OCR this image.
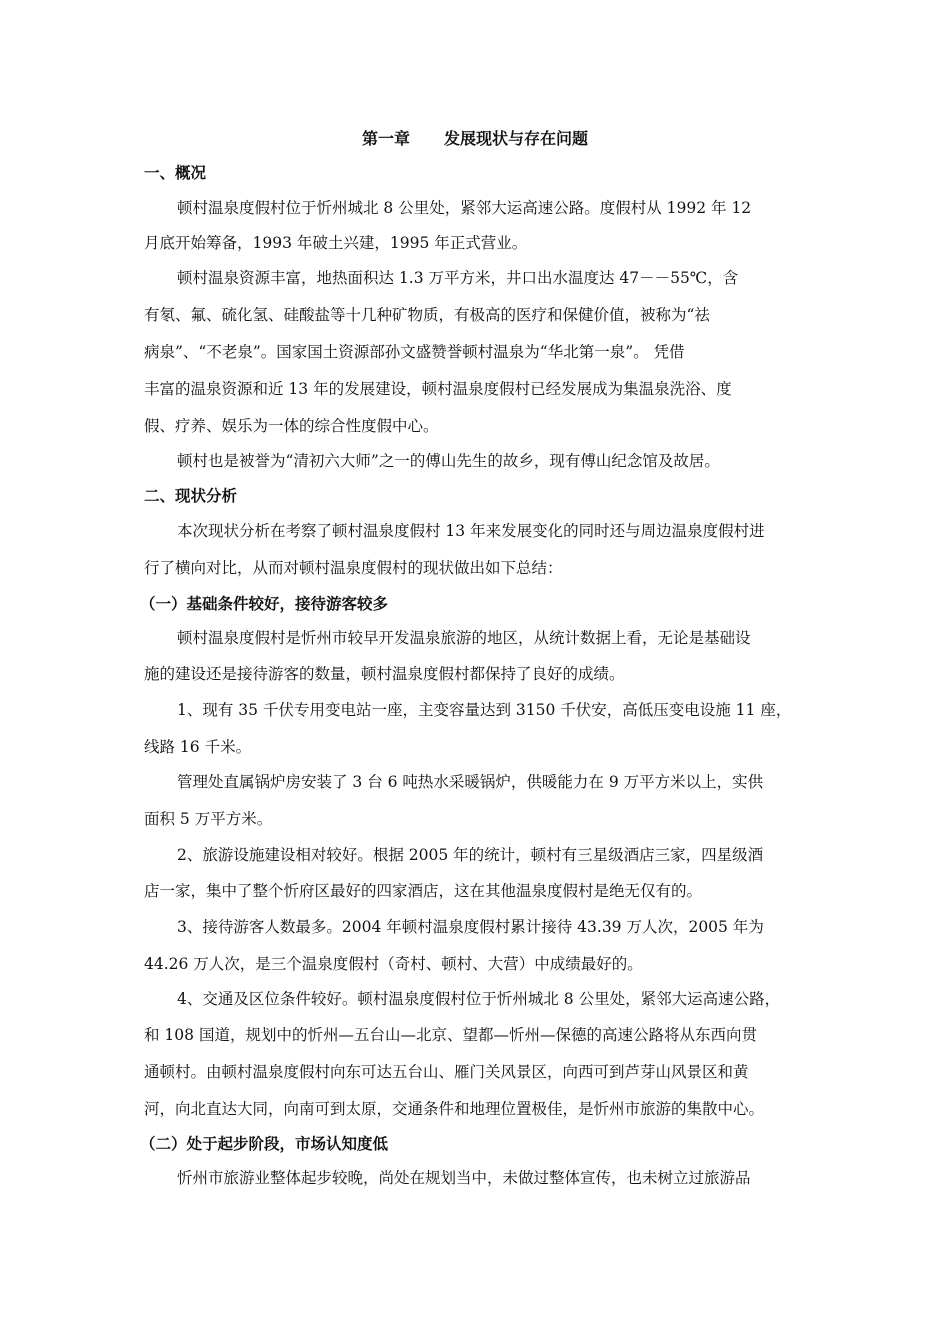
第一章 发展现状与存在问题
一、概况
顿村温泉度假村位于忻州城北 8 公里处，紧邻大运高速公路。度假村从 1992 年 12
月底开始筹备，1993 年破土兴建，1995 年正式营业。
顿村温泉资源丰富，地热面积达 1.3 万平方米，井口出水温度达 47－－55℃，含
有氡、氟、硫化氢、硅酸盐等十几种矿物质，有极高的医疗和保健价值，被称为“祛
病泉”、“不老泉”。国家国土资源部孙文盛赞誉顿村温泉为“华北第一泉”。 凭借
丰富的温泉资源和近 13 年的发展建设，顿村温泉度假村已经发展成为集温泉洗浴、度
假、疗养、娱乐为一体的综合性度假中心。
顿村也是被誉为“清初六大师”之一的傅山先生的故乡，现有傅山纪念馆及故居。
二、现状分析
本次现状分析在考察了顿村温泉度假村 13 年来发展变化的同时还与周边温泉度假村进
行了横向对比，从而对顿村温泉度假村的现状做出如下总结：
（一）基础条件较好，接待游客较多
顿村温泉度假村是忻州市较早开发温泉旅游的地区，从统计数据上看，无论是基础设
施的建设还是接待游客的数量，顿村温泉度假村都保持了良好的成绩。
1、现有 35 千伏专用变电站一座，主变容量达到 3150 千伏安，高低压变电设施 11 座，
线路 16 千米。
管理处直属锅炉房安装了 3 台 6 吨热水采暖锅炉，供暖能力在 9 万平方米以上，实供
面积 5 万平方米。
2、旅游设施建设相对较好。根据 2005 年的统计，顿村有三星级酒店三家，四星级酒
店一家，集中了整个忻府区最好的四家酒店，这在其他温泉度假村是绝无仅有的。
3、接待游客人数最多。2004 年顿村温泉度假村累计接待 43.39 万人次，2005 年为
44.26 万人次，是三个温泉度假村（奇村、顿村、大营）中成绩最好的。
4、交通及区位条件较好。顿村温泉度假村位于忻州城北 8 公里处，紧邻大运高速公路，
和 108 国道，规划中的忻州—五台山—北京、望都—忻州—保德的高速公路将从东西向贯
通顿村。由顿村温泉度假村向东可达五台山、雁门关风景区，向西可到芦芽山风景区和黄
河，向北直达大同，向南可到太原，交通条件和地理位置极佳，是忻州市旅游的集散中心。
（二）处于起步阶段，市场认知度低
忻州市旅游业整体起步较晚，尚处在规划当中，未做过整体宣传，也未树立过旅游品
